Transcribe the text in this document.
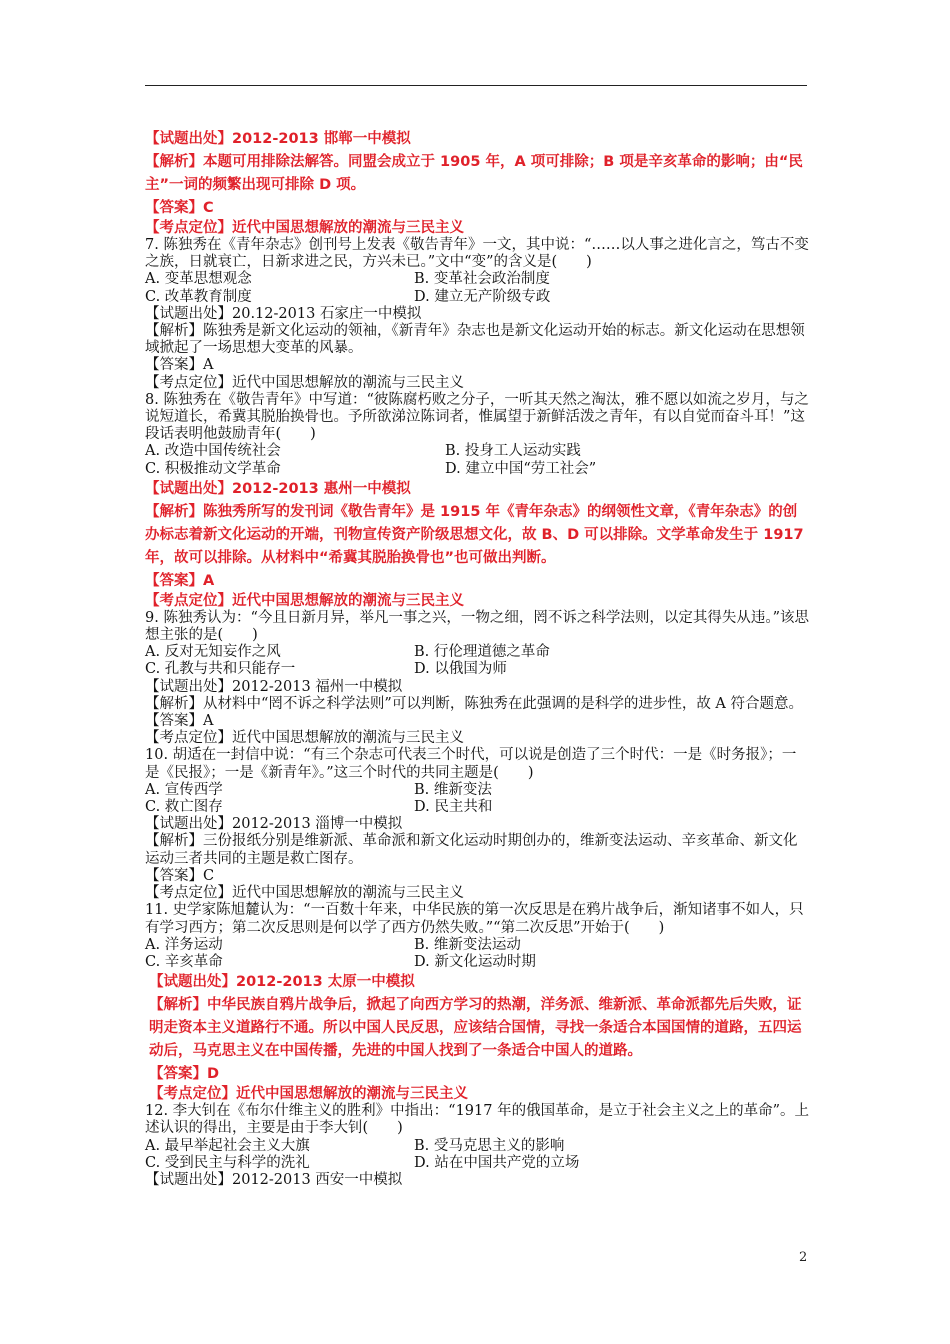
【试题出处】2012-2013 邯郸一中模拟
【解析】本题可用排除法解答。同盟会成立于 1905 年，A 项可排除；B 项是辛亥革命的影响；由“民主”一词的频繁出现可排除 D 项。
【答案】C
【考点定位】近代中国思想解放的潮流与三民主义
7. 陈独秀在《青年杂志》创刊号上发表《敬告青年》一文，其中说：“……以人事之进化言之，笃古不变之族，日就衰亡，日新求进之民，方兴未已。”文中“变”的含义是(　　)
A. 变革思想观念	B. 变革社会政治制度
C. 改革教育制度	D. 建立无产阶级专政
【试题出处】20.12-2013 石家庄一中模拟
【解析】陈独秀是新文化运动的领袖，《新青年》杂志也是新文化运动开始的标志。新文化运动在思想领域掀起了一场思想大变革的风暴。
【答案】A
【考点定位】近代中国思想解放的潮流与三民主义
8. 陈独秀在《敬告青年》中写道：“彼陈腐朽败之分子，一听其天然之淘汰，雅不愿以如流之岁月，与之说短道长，希冀其脱胎换骨也。予所欲涕泣陈词者，惟属望于新鲜活泼之青年，有以自觉而奋斗耳！”这段话表明他鼓励青年(　　)
A. 改造中国传统社会	B. 投身工人运动实践
C. 积极推动文学革命	D. 建立中国“劳工社会”
【试题出处】2012-2013 惠州一中模拟
【解析】陈独秀所写的发刊词《敬告青年》是 1915 年《青年杂志》的纲领性文章，《青年杂志》的创办标志着新文化运动的开端，刊物宣传资产阶级思想文化，故 B、D 可以排除。文学革命发生于 1917 年，故可以排除。从材料中“希冀其脱胎换骨也”也可做出判断。
【答案】A
【考点定位】近代中国思想解放的潮流与三民主义
9. 陈独秀认为：“今且日新月异，举凡一事之兴，一物之细，罔不诉之科学法则，以定其得失从违。”该思想主张的是(　　)
A. 反对无知妄作之风	B. 行伦理道德之革命
C. 孔教与共和只能存一	D. 以俄国为师
【试题出处】2012-2013 福州一中模拟
【解析】从材料中“罔不诉之科学法则”可以判断，陈独秀在此强调的是科学的进步性，故 A 符合题意。
【答案】A
【考点定位】近代中国思想解放的潮流与三民主义
10. 胡适在一封信中说：“有三个杂志可代表三个时代，可以说是创造了三个时代：一是《时务报》；一是《民报》；一是《新青年》。”这三个时代的共同主题是(　　)
A. 宣传西学	B. 维新变法
C. 救亡图存	D. 民主共和
【试题出处】2012-2013 淄博一中模拟
【解析】三份报纸分别是维新派、革命派和新文化运动时期创办的，维新变法运动、辛亥革命、新文化运动三者共同的主题是救亡图存。
【答案】C
【考点定位】近代中国思想解放的潮流与三民主义
11. 史学家陈旭麓认为：“一百数十年来，中华民族的第一次反思是在鸦片战争后，渐知诸事不如人，只有学习西方；第二次反思则是何以学了西方仍然失败。”“第二次反思”开始于(　　)
A. 洋务运动	B. 维新变法运动
C. 辛亥革命	D. 新文化运动时期
【试题出处】2012-2013 太原一中模拟
【解析】中华民族自鸦片战争后，掀起了向西方学习的热潮，洋务派、维新派、革命派都先后失败，证明走资本主义道路行不通。所以中国人民反思，应该结合国情，寻找一条适合本国国情的道路，五四运动后，马克思主义在中国传播，先进的中国人找到了一条适合中国人的道路。
【答案】D
【考点定位】近代中国思想解放的潮流与三民主义
12. 李大钊在《布尔什维主义的胜利》中指出：“1917 年的俄国革命，是立于社会主义之上的革命”。上述认识的得出，主要是由于李大钊(　　)
A. 最早举起社会主义大旗	B. 受马克思主义的影响
C. 受到民主与科学的洗礼	D. 站在中国共产党的立场
【试题出处】2012-2013 西安一中模拟
2
